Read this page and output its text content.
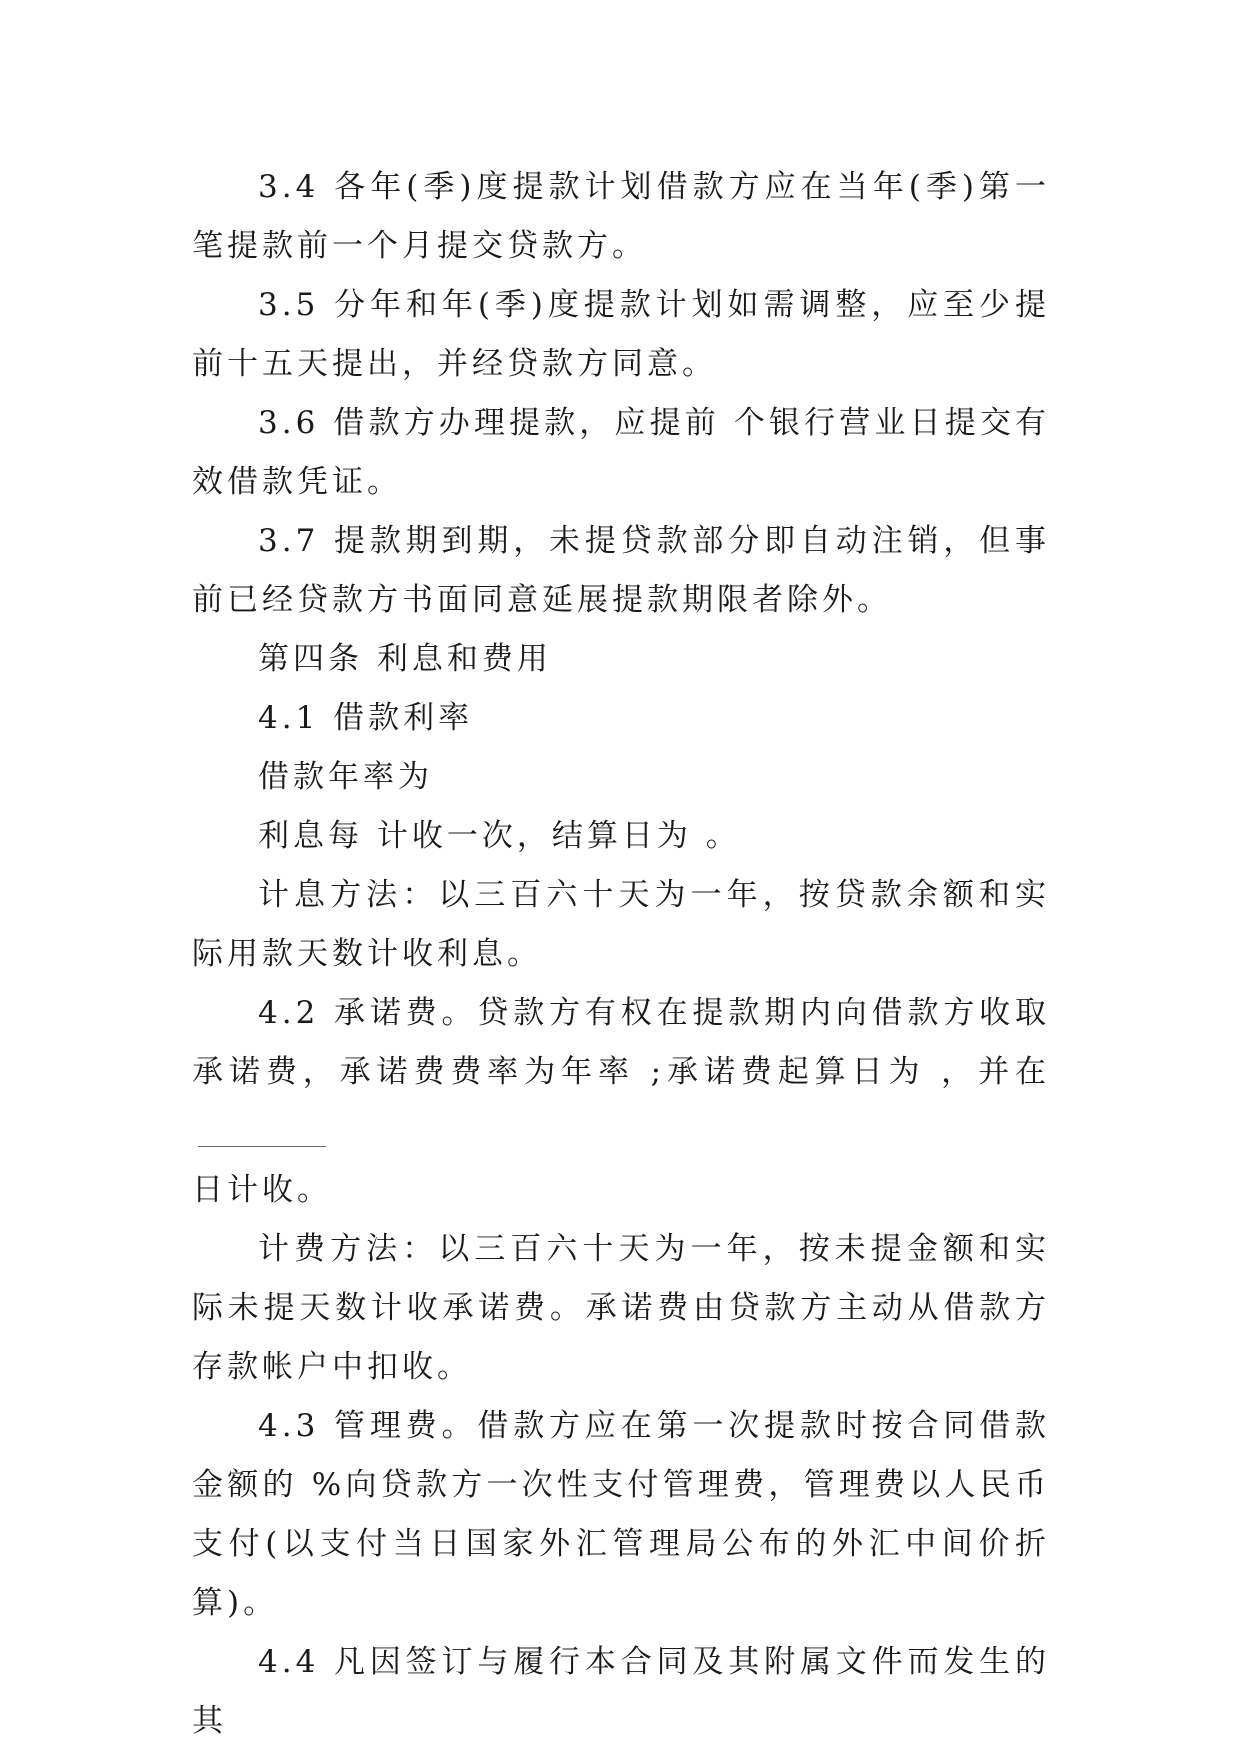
3.4 各年(季)度提款计划借款方应在当年(季)第一笔提款前一个月提交贷款方。

3.5 分年和年(季)度提款计划如需调整，应至少提前十五天提出，并经贷款方同意。

3.6 借款方办理提款，应提前 个银行营业日提交有效借款凭证。

3.7 提款期到期，未提贷款部分即自动注销，但事前已经贷款方书面同意延展提款期限者除外。

第四条 利息和费用

4.1 借款利率

借款年率为

利息每 计收一次，结算日为 。

计息方法：以三百六十天为一年，按贷款余额和实际用款天数计收利息。

4.2 承诺费。贷款方有权在提款期内向借款方收取承诺费，承诺费费率为年率 ;承诺费起算日为 ，并在
日计收。

计费方法：以三百六十天为一年，按未提金额和实际未提天数计收承诺费。承诺费由贷款方主动从借款方存款帐户中扣收。

4.3 管理费。借款方应在第一次提款时按合同借款金额的 %向贷款方一次性支付管理费，管理费以人民币支付(以支付当日国家外汇管理局公布的外汇中间价折算)。

4.4 凡因签订与履行本合同及其附属文件而发生的其
